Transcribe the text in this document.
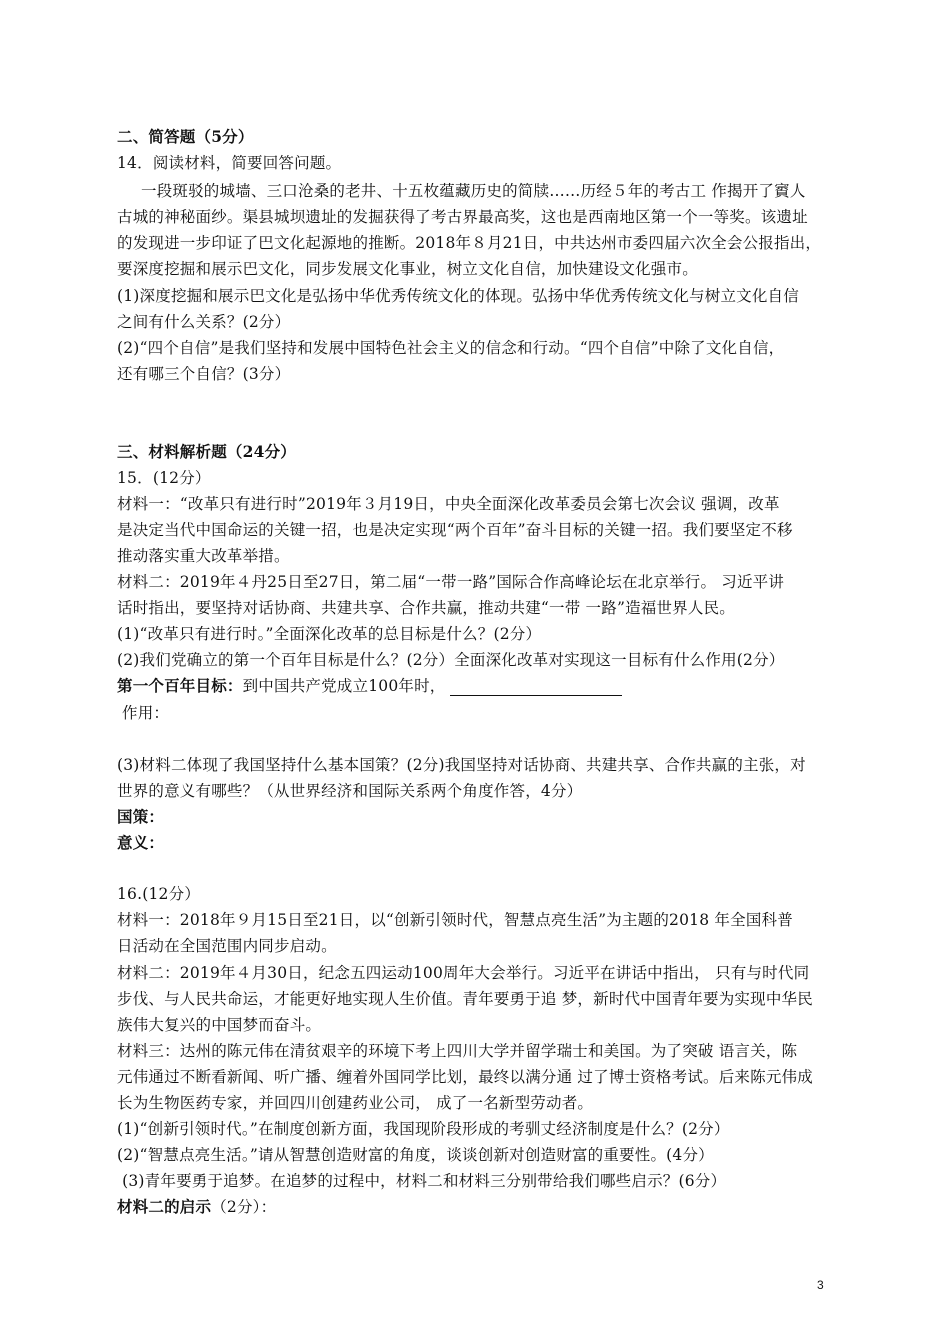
二、简答题（5分）
14．阅读材料，简要回答问题。
一段斑驳的城墙、三口沧桑的老井、十五枚蕴藏历史的简牍……历经５年的考古工 作揭开了賨人
古城的神秘面纱。渠县城坝遗址的发掘获得了考古界最高奖，这也是西南地区第一个一等奖。该遗址
的发现进一步印证了巴文化起源地的推断。2018年８月21日，中共达州市委四届六次全会公报指出，
要深度挖掘和展示巴文化，同步发展文化事业，树立文化自信，加快建设文化强市。
(1)深度挖掘和展示巴文化是弘扬中华优秀传统文化的体现。弘扬中华优秀传统文化与树立文化自信
之间有什么关系？(2分）
(2)“四个自信”是我们坚持和发展中国特色社会主义的信念和行动。“四个自信”中除了文化自信，
还有哪三个自信？(3分）
三、材料解析题（24分）
15．(12分）
材料一：“改革只有进行时”2019年３月19日，中央全面深化改革委员会第七次会议 强调，改革
是决定当代中国命运的关键一招，也是决定实现“两个百年”奋斗目标的关键一招。我们要坚定不移
推动落实重大改革举措。
材料二：2019年４丹25日至27日，第二届“一带一路”国际合作高峰论坛在北京举行。 习近平讲
话时指出，要坚持对话协商、共建共享、合作共赢，推动共建“一带 一路”造福世界人民。
(1)“改革只有进行时。”全面深化改革的总目标是什么？(2分）
(2)我们党确立的第一个百年目标是什么？(2分）全面深化改革对实现这一目标有什么作用(2分）
第一个百年目标：到中国共产党成立100年时，
作用：
(3)材料二体现了我国坚持什么基本国策？(2分)我国坚持对话协商、共建共享、合作共赢的主张，对
世界的意义有哪些？（从世界经济和国际关系两个角度作答，4分）
国策：
意义：
16.(12分）
材料一：2018年９月15日至21日，以“创新引领时代，智慧点亮生活”为主题的2018 年全国科普
日活动在全国范围内同步启动。
材料二：2019年４月30日，纪念五四运动100周年大会举行。习近平在讲话中指出， 只有与时代同
步伐、与人民共命运，才能更好地实现人生价值。青年要勇于追 梦，新时代中国青年要为实现中华民
族伟大复兴的中国梦而奋斗。
材料三：达州的陈元伟在清贫艰辛的环境下考上四川大学并留学瑞士和美国。为了突破 语言关，陈
元伟通过不断看新闻、听广播、缠着外国同学比划，最终以满分通 过了博士资格考试。后来陈元伟成
长为生物医药专家，并回四川创建药业公司， 成了一名新型劳动者。
(1)“创新引领时代。”在制度创新方面，我国现阶段形成的考驯丈经济制度是什么？(2分）
(2)“智慧点亮生活。”请从智慧创造财富的角度，谈谈创新对创造财富的重要性。(4分）
(3)青年要勇于追梦。在追梦的过程中，材料二和材料三分别带给我们哪些启示？(6分）
材料二的启示（2分）：
3
